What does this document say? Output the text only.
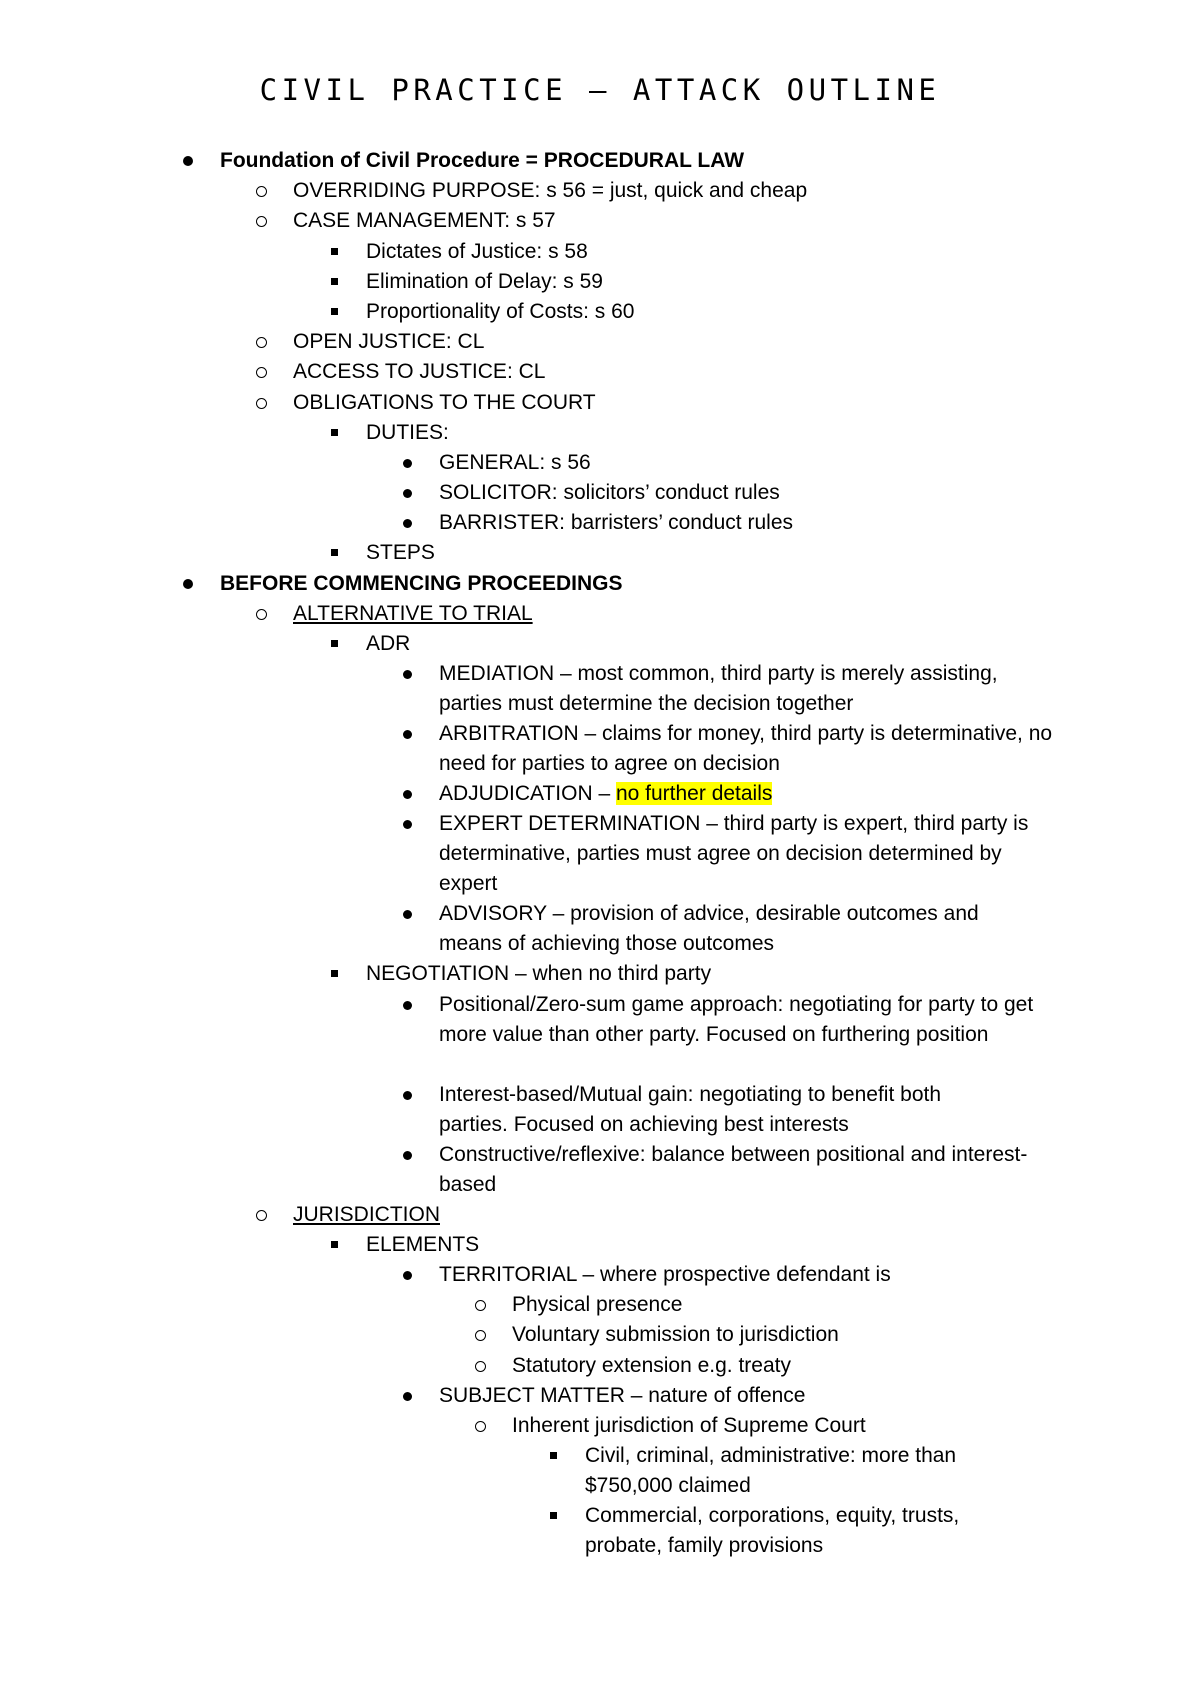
CIVIL PRACTICE – ATTACK OUTLINE
Foundation of Civil Procedure = PROCEDURAL LAW
OVERRIDING PURPOSE: s 56 = just, quick and cheap
CASE MANAGEMENT: s 57
Dictates of Justice: s 58
Elimination of Delay: s 59
Proportionality of Costs: s 60
OPEN JUSTICE: CL
ACCESS TO JUSTICE: CL
OBLIGATIONS TO THE COURT
DUTIES:
GENERAL: s 56
SOLICITOR: solicitors’ conduct rules
BARRISTER: barristers’ conduct rules
STEPS
BEFORE COMMENCING PROCEEDINGS
ALTERNATIVE TO TRIAL
ADR
MEDIATION – most common, third party is merely assisting, parties must determine the decision together
ARBITRATION – claims for money, third party is determinative, no need for parties to agree on decision
ADJUDICATION – no further details
EXPERT DETERMINATION – third party is expert, third party is determinative, parties must agree on decision determined by expert
ADVISORY – provision of advice, desirable outcomes and means of achieving those outcomes
NEGOTIATION – when no third party
Positional/Zero-sum game approach: negotiating for party to get more value than other party. Focused on furthering position
Interest-based/Mutual gain: negotiating to benefit both parties. Focused on achieving best interests
Constructive/reflexive: balance between positional and interest-based
JURISDICTION
ELEMENTS
TERRITORIAL – where prospective defendant is
Physical presence
Voluntary submission to jurisdiction
Statutory extension e.g. treaty
SUBJECT MATTER – nature of offence
Inherent jurisdiction of Supreme Court
Civil, criminal, administrative: more than $750,000 claimed
Commercial, corporations, equity, trusts, probate, family provisions
